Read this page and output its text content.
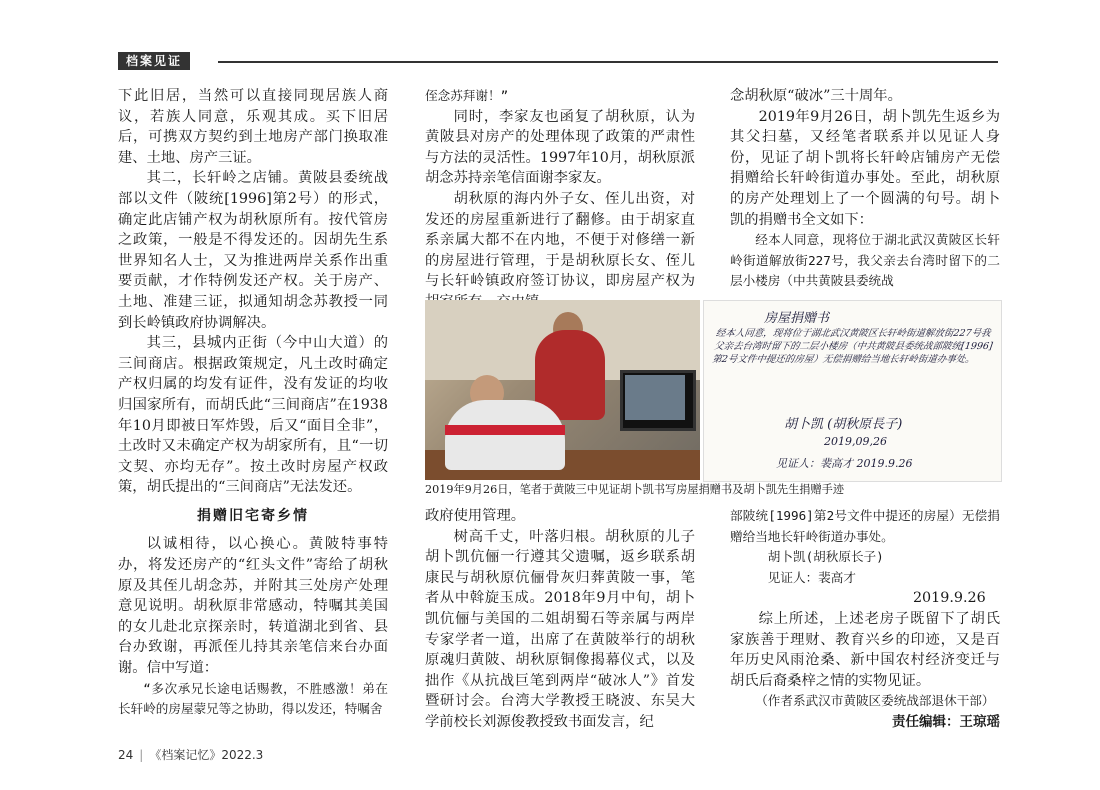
档案见证

下此旧居，当然可以直接同现居族人商议，若族人同意，乐观其成。买下旧居后，可携双方契约到土地房产部门换取准建、土地、房产三证。

其二，长轩岭之店铺。黄陂县委统战部以文件（陂统[1996]第2号）的形式，确定此店铺产权为胡秋原所有。按代管房之政策，一般是不得发还的。因胡先生系世界知名人士，又为推进两岸关系作出重要贡献，才作特例发还产权。关于房产、土地、准建三证，拟通知胡念苏教授一同到长岭镇政府协调解决。

其三，县城内正街（今中山大道）的三间商店。根据政策规定，凡土改时确定产权归属的均发有证件，没有发证的均收归国家所有，而胡氏此“三间商店”在1938年10月即被日军炸毁，后又“面目全非”，土改时又未确定产权为胡家所有，且“一切文契、亦均无存”。按土改时房屋产权政策，胡氏提出的“三间商店”无法发还。

捐赠旧宅寄乡情

以诚相待，以心换心。黄陂特事特办，将发还房产的“红头文件”寄给了胡秋原及其侄儿胡念苏，并附其三处房产处理意见说明。胡秋原非常感动，特嘱其美国的女儿赴北京探亲时，转道湖北到省、县台办致谢，再派侄儿持其亲笔信来台办面谢。信中写道：

“多次承兄长途电话赐教，不胜感激！弟在长轩岭的房屋蒙兄等之协助，得以发还，特嘱舍

侄念苏拜谢！”

同时，李家友也函复了胡秋原，认为黄陂县对房产的处理体现了政策的严肃性与方法的灵活性。1997年10月，胡秋原派胡念苏持亲笔信面谢李家友。

胡秋原的海内外子女、侄儿出资，对发还的房屋重新进行了翻修。由于胡家直系亲属大都不在内地，不便于对修缮一新的房屋进行管理，于是胡秋原长女、侄儿与长轩岭镇政府签订协议，即房屋产权为

政府使用管理。

树高千丈，叶落归根。胡秋原的儿子胡卜凯伉俪一行遵其父遗嘱，返乡联系胡康民与胡秋原伉俪骨灰归葬黄陂一事，笔者从中斡旋玉成。2018年9月中旬，胡卜凯伉俪与美国的二姐胡蜀石等亲属与两岸专家学者一道，出席了在黄陂举行的胡秋原魂归黄陂、胡秋原铜像揭幕仪式，以及拙作《从抗战巨笔到两岸“破冰人”》首发暨研讨会。台湾大学教授王晓波、东吴大学前校长刘源俊教授致书面发言，纪

念胡秋原“破冰”三十周年。

2019年9月26日，胡卜凯先生返乡为其父扫墓，又经笔者联系并以见证人身份，见证了胡卜凯将长轩岭店铺房产无偿捐赠给长轩岭街道办事处。至此，胡秋原的房产处理划上了一个圆满的句号。胡卜凯的捐赠书全文如下：

经本人同意，现将位于湖北武汉黄陂区长轩岭街道解放街227号，我父亲去台湾时留下的二层小楼房（中共黄陂县委统战

部陂统[1996]第2号文件中提还的房屋）无偿捐赠给当地长轩岭街道办事处。

胡卜凯(胡秋原长子)

见证人：裴高才

2019.9.26

综上所述，上述老房子既留下了胡氏家族善于理财、教育兴乡的印迹，又是百年历史风雨沧桑、新中国农村经济变迁与胡氏后裔桑梓之情的实物见证。

（作者系武汉市黄陂区委统战部退休干部）

责任编辑：王琼瑶

房屋捐赠书
经本人同意，现将位于湖北武汉黄陂区长轩岭街道解放街227号我父亲去台湾时留下的二层小楼房（中共黄陂县委统战部陂统[1996]第2号文件中提还的房屋）无偿捐赠给当地长轩岭街道办事处。
胡卜凯 (胡秋原長子)
2019,09,26
见证人：裴高才 2019.9.26
2019年9月26日，笔者于黄陂三中见证胡卜凯书写房屋捐赠书及胡卜凯先生捐赠手迹
24 | 《档案记忆》2022.3
